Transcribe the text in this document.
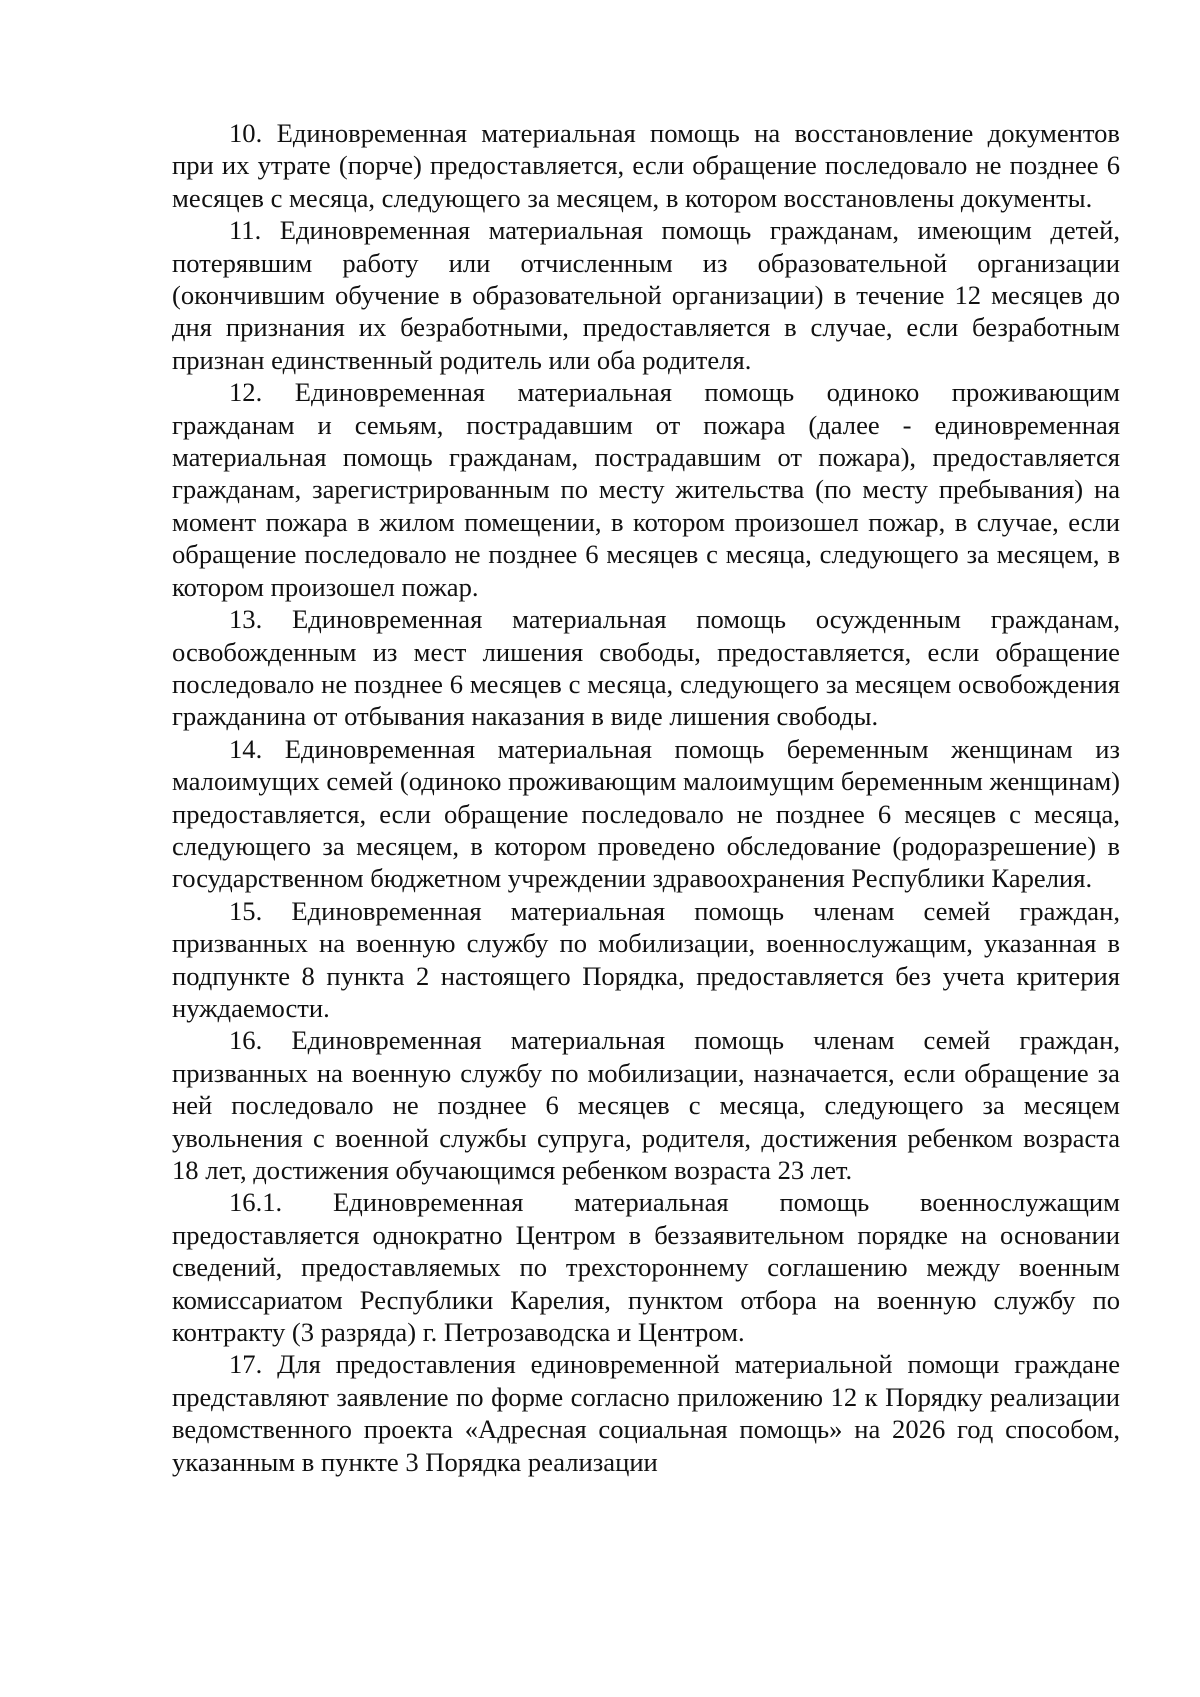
10. Единовременная материальная помощь на восстановление документов при их утрате (порче) предоставляется, если обращение последовало не позднее 6 месяцев с месяца, следующего за месяцем, в котором восстановлены документы.

11. Единовременная материальная помощь гражданам, имеющим детей, потерявшим работу или отчисленным из образовательной организации (окончившим обучение в образовательной организации) в течение 12 месяцев до дня признания их безработными, предоставляется в случае, если безработным признан единственный родитель или оба родителя.

12. Единовременная материальная помощь одиноко проживающим гражданам и семьям, пострадавшим от пожара (далее - единовременная материальная помощь гражданам, пострадавшим от пожара), предоставляется гражданам, зарегистрированным по месту жительства (по месту пребывания) на момент пожара в жилом помещении, в котором произошел пожар, в случае, если обращение последовало не позднее 6 месяцев с месяца, следующего за месяцем, в котором произошел пожар.

13. Единовременная материальная помощь осужденным гражданам, освобожденным из мест лишения свободы, предоставляется, если обращение последовало не позднее 6 месяцев с месяца, следующего за месяцем освобождения гражданина от отбывания наказания в виде лишения свободы.

14. Единовременная материальная помощь беременным женщинам из малоимущих семей (одиноко проживающим малоимущим беременным женщинам) предоставляется, если обращение последовало не позднее 6 месяцев с месяца, следующего за месяцем, в котором проведено обследование (родоразрешение) в государственном бюджетном учреждении здравоохранения Республики Карелия.

15. Единовременная материальная помощь членам семей граждан, призванных на военную службу по мобилизации, военнослужащим, указанная в подпункте 8 пункта 2 настоящего Порядка, предоставляется без учета критерия нуждаемости.

16. Единовременная материальная помощь членам семей граждан, призванных на военную службу по мобилизации, назначается, если обращение за ней последовало не позднее 6 месяцев с месяца, следующего за месяцем увольнения с военной службы супруга, родителя, достижения ребенком возраста 18 лет, достижения обучающимся ребенком возраста 23 лет.

16.1. Единовременная материальная помощь военнослужащим предоставляется однократно Центром в беззаявительном порядке на основании сведений, предоставляемых по трехстороннему соглашению между военным комиссариатом Республики Карелия, пунктом отбора на военную службу по контракту (3 разряда) г. Петрозаводска и Центром.

17. Для предоставления единовременной материальной помощи граждане представляют заявление по форме согласно приложению 12 к Порядку реализации ведомственного проекта «Адресная социальная помощь» на 2026 год способом, указанным в пункте 3 Порядка реализации
